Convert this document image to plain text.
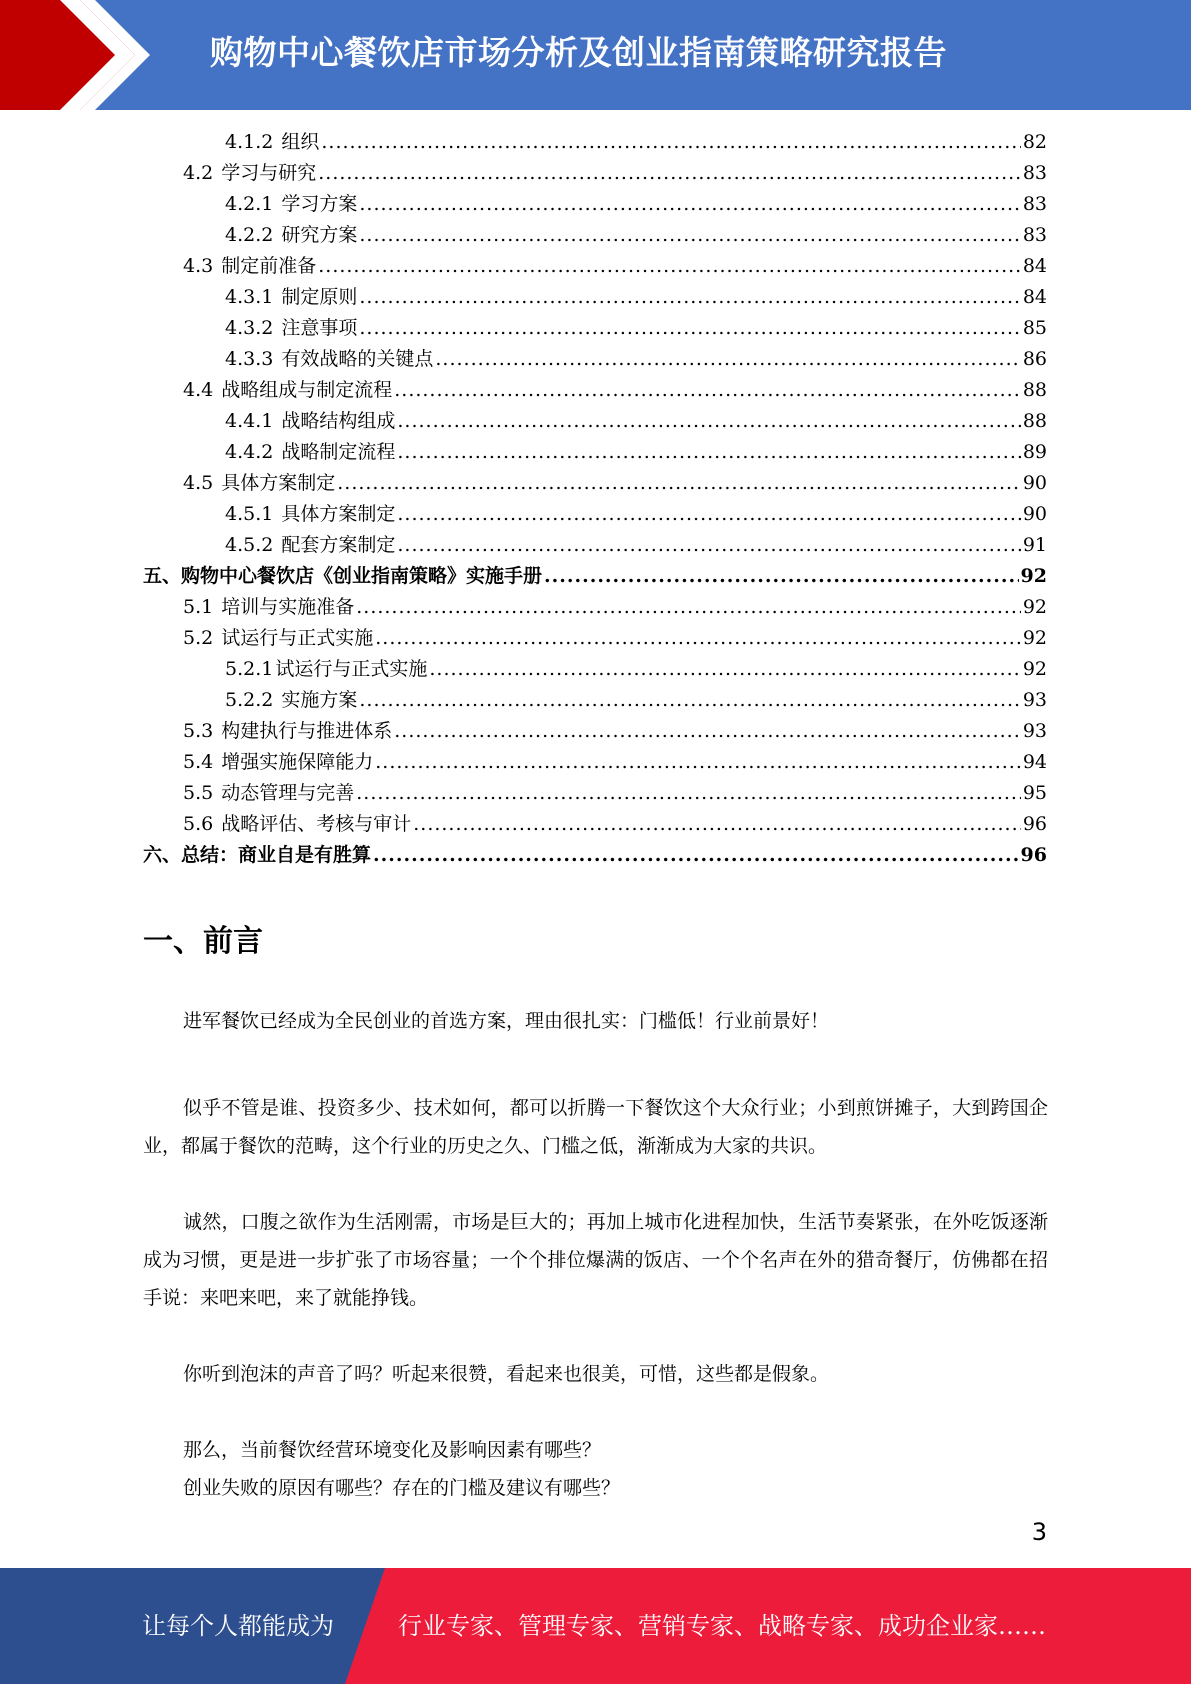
购物中心餐饮店市场分析及创业指南策略研究报告
4.1.2 组织 .....	82
4.2 学习与研究 .....	83
4.2.1 学习方案 .....	83
4.2.2 研究方案 .....	83
4.3 制定前准备 .....	84
4.3.1 制定原则 .....	84
4.3.2 注意事项 .....	85
4.3.3 有效战略的关键点 .....	86
4.4 战略组成与制定流程 .....	88
4.4.1 战略结构组成 .....	88
4.4.2 战略制定流程 .....	89
4.5 具体方案制定 .....	90
4.5.1 具体方案制定 .....	90
4.5.2 配套方案制定 .....	91
五、购物中心餐饮店《创业指南策略》实施手册 .....	92
5.1 培训与实施准备 .....	92
5.2 试运行与正式实施 .....	92
5.2.1 试运行与正式实施 .....	92
5.2.2 实施方案 .....	93
5.3 构建执行与推进体系 .....	93
5.4 增强实施保障能力 .....	94
5.5 动态管理与完善 .....	95
5.6 战略评估、考核与审计 .....	96
六、总结：商业自是有胜算 .....	96
一、前言

进军餐饮已经成为全民创业的首选方案，理由很扎实：门槛低！行业前景好！

似乎不管是谁、投资多少、技术如何，都可以折腾一下餐饮这个大众行业；小到煎饼摊子，大到跨国企业，都属于餐饮的范畴，这个行业的历史之久、门槛之低，渐渐成为大家的共识。

诚然，口腹之欲作为生活刚需，市场是巨大的；再加上城市化进程加快，生活节奏紧张，在外吃饭逐渐成为习惯，更是进一步扩张了市场容量；一个个排位爆满的饭店、一个个名声在外的猎奇餐厅，仿佛都在招手说：来吧来吧，来了就能挣钱。

你听到泡沫的声音了吗？听起来很赞，看起来也很美，可惜，这些都是假象。

那么，当前餐饮经营环境变化及影响因素有哪些？

创业失败的原因有哪些？存在的门槛及建议有哪些？

3
让每个人都能成为	行业专家、管理专家、营销专家、战略专家、成功企业家……
